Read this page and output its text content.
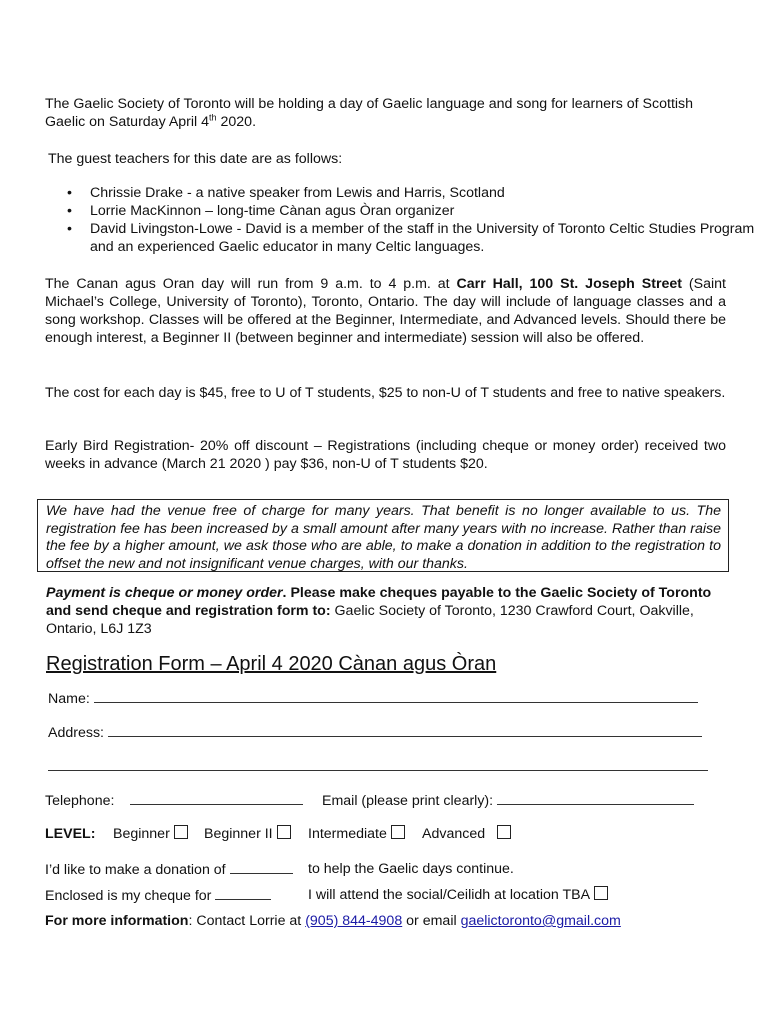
The Gaelic Society of Toronto will be holding a day of Gaelic language and song for learners of Scottish Gaelic on Saturday April 4th 2020.
The guest teachers for this date are as follows:
• Chrissie Drake - a native speaker from Lewis and Harris, Scotland
• Lorrie MacKinnon – long-time Cànan agus Òran organizer
• David Livingston-Lowe - David is a member of the staff in the University of Toronto Celtic Studies Program and an experienced Gaelic educator in many Celtic languages.
The Canan agus Oran day will run from 9 a.m. to 4 p.m. at Carr Hall, 100 St. Joseph Street (Saint Michael’s College, University of Toronto), Toronto, Ontario. The day will include of language classes and a song workshop. Classes will be offered at the Beginner, Intermediate, and Advanced levels. Should there be enough interest, a Beginner II (between beginner and intermediate) session will also be offered.
The cost for each day is $45, free to U of T students, $25 to non-U of T students and free to native speakers.
Early Bird Registration- 20% off discount – Registrations (including cheque or money order) received two weeks in advance (March 21 2020 ) pay $36, non-U of T students $20.
We have had the venue free of charge for many years. That benefit is no longer available to us. The registration fee has been increased by a small amount after many years with no increase. Rather than raise the fee by a higher amount, we ask those who are able, to make a donation in addition to the registration to offset the new and not insignificant venue charges, with our thanks.
Payment is cheque or money order. Please make cheques payable to the Gaelic Society of Toronto and send cheque and registration form to: Gaelic Society of Toronto, 1230 Crawford Court, Oakville, Ontario, L6J 1Z3
Registration Form – April 4 2020 Cànan agus Òran
Name:
Address:
Telephone:	Email (please print clearly):
LEVEL: Beginner	Beginner II	Intermediate	Advanced
I’d like to make a donation of	to help the Gaelic days continue.
Enclosed is my cheque for	I will attend the social/Ceilidh at location TBA
For more information: Contact Lorrie at (905) 844-4908 or email gaelictoronto@gmail.com
